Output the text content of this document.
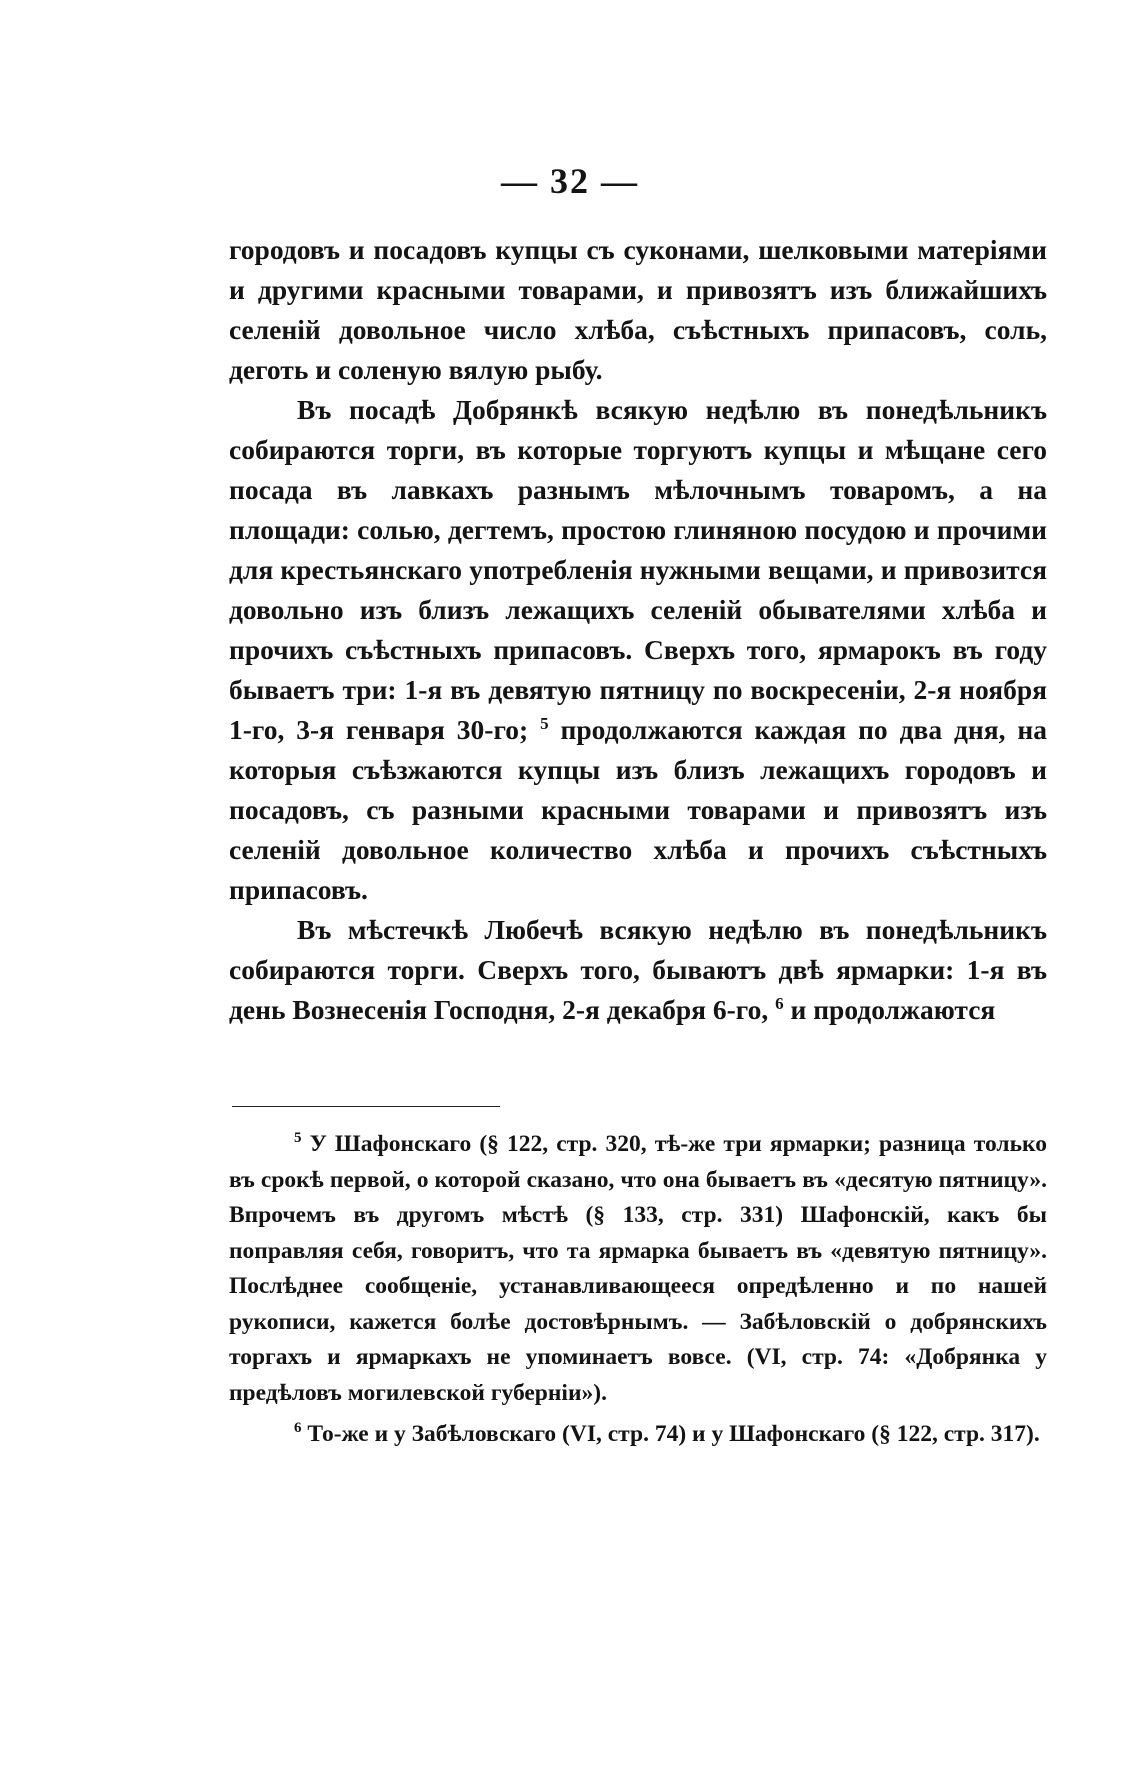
— 32 —

городовъ и посадовъ купцы съ суконами, шелковыми матеріями и другими красными товарами, и привозятъ изъ ближайшихъ селеній довольное число хлѣба, съѣстныхъ припасовъ, соль, деготь и соленую вялую рыбу.

Въ посадѣ Добрянкѣ всякую недѣлю въ понедѣльникъ собираются торги, въ которые торгуютъ купцы и мѣщане сего посада въ лавкахъ разнымъ мѣлочнымъ товаромъ, а на площади: солью, дегтемъ, простою глиняною посудою и прочими для крестьянскаго употребленія нужными вещами, и привозится довольно изъ близъ лежащихъ селеній обывателями хлѣба и прочихъ съѣстныхъ припасовъ. Сверхъ того, ярмарокъ въ году бываетъ три: 1-я въ девятую пятницу по воскресеніи, 2-я ноября 1-го, 3-я генваря 30-го; $^5$ продолжаются каждая по два дня, на которыя съѣзжаются купцы изъ близъ лежащихъ городовъ и посадовъ, съ разными красными товарами и привозятъ изъ селеній довольное количество хлѣба и прочихъ съѣстныхъ припасовъ.

Въ мѣстечкѣ Любечѣ всякую недѣлю въ понедѣльникъ собираются торги. Сверхъ того, бываютъ двѣ ярмарки: 1-я въ день Вознесенія Господня, 2-я декабря 6-го, $^6$ и продолжаются

$^5$ У Шафонскаго (§ 122, стр. 320, тѣ-же три ярмарки; разница только въ срокѣ первой, о которой сказано, что она бываетъ въ «десятую пятницу». Впрочемъ въ другомъ мѣстѣ (§ 133, стр. 331) Шафонскій, какъ бы поправляя себя, говоритъ, что та ярмарка бываетъ въ «девятую пятницу». Послѣднее сообщеніе, устанавливающееся опредѣленно и по нашей рукописи, кажется болѣе достовѣрнымъ. — Забѣловскій о добрянскихъ торгахъ и ярмаркахъ не упоминаетъ вовсе. (VI, стр. 74: «Добрянка у предѣловъ могилевской губерніи»).

$^6$ То-же и у Забѣловскаго (VI, стр. 74) и у Шафонскаго (§ 122, стр. 317).
